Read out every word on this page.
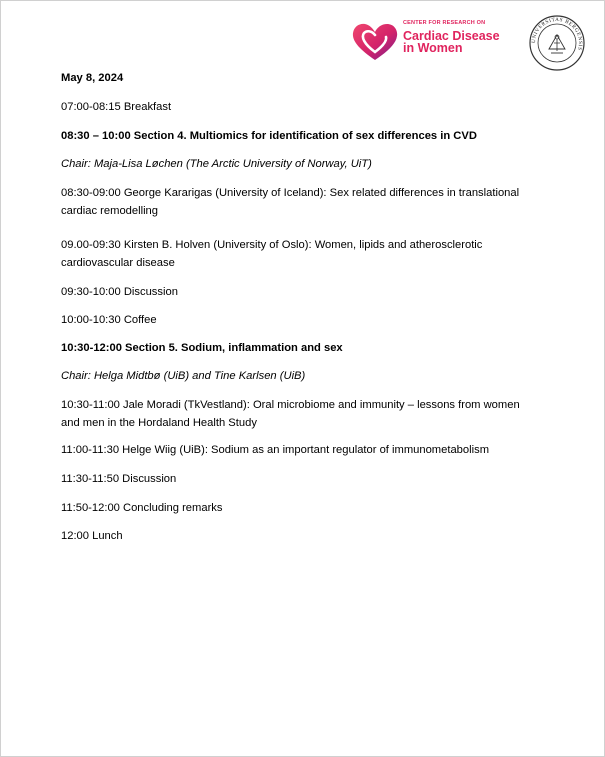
CENTER FOR RESEARCH ON
Cardiac Disease
in Women	UNIVERSITAS BERGENSIS
May 8, 2024
07:00-08:15 Breakfast
08:30 – 10:00 Section 4. Multiomics for identification of sex differences in CVD
Chair: Maja-Lisa Løchen (The Arctic University of Norway, UiT)
08:30-09:00 George Kararigas (University of Iceland): Sex related differences in translational
cardiac remodelling
09.00-09:30 Kirsten B. Holven (University of Oslo): Women, lipids and atherosclerotic
cardiovascular disease
09:30-10:00 Discussion
10:00-10:30 Coffee
10:30-12:00 Section 5. Sodium, inflammation and sex
Chair: Helga Midtbø (UiB) and Tine Karlsen (UiB)
10:30-11:00 Jale Moradi (TkVestland): Oral microbiome and immunity – lessons from women
and men in the Hordaland Health Study
11:00-11:30 Helge Wiig (UiB): Sodium as an important regulator of immunometabolism
11:30-11:50 Discussion
11:50-12:00 Concluding remarks
12:00 Lunch
